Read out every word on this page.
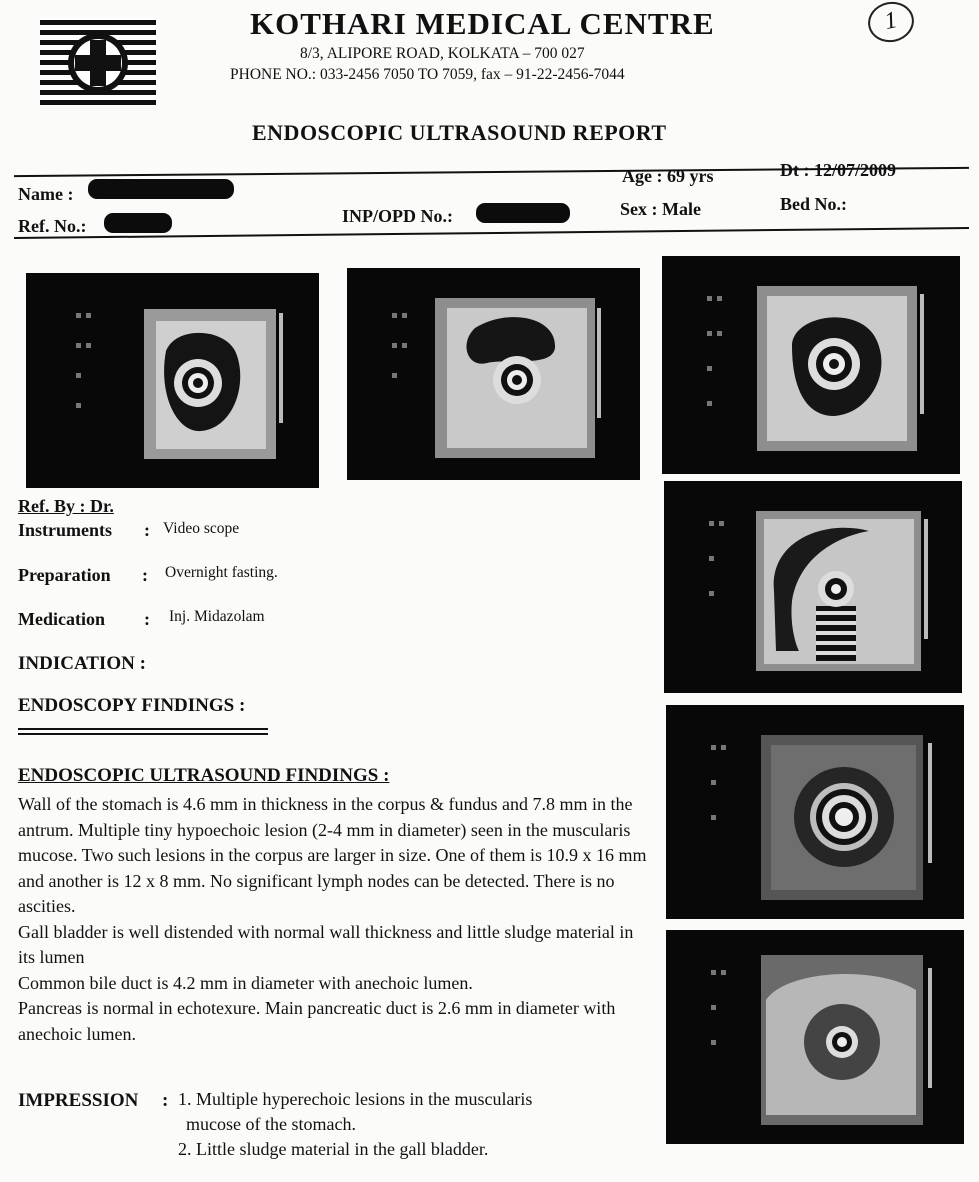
KOTHARI MEDICAL CENTRE
8/3, ALIPORE ROAD, KOLKATA – 700 027
PHONE NO.: 033-2456 7050 TO 7059, fax – 91-22-2456-7044
1
ENDOSCOPIC ULTRASOUND REPORT
Name :
Ref. No.:	INP/OPD No.:
Age : 69 yrs
Sex : Male
Dt : 12/07/2009
Bed No.:
Ref. By : Dr.
Instruments : Video scope
Preparation : Overnight fasting.
Medication : Inj. Midazolam
INDICATION :
ENDOSCOPY FINDINGS :
ENDOSCOPIC ULTRASOUND FINDINGS :

Wall of the stomach is 4.6 mm in thickness in the corpus & fundus and 7.8 mm in the antrum. Multiple tiny hypoechoic lesion (2-4 mm in diameter) seen in the muscularis mucose. Two such lesions in the corpus are larger in size. One of them is 10.9 x 16 mm and another is 12 x 8 mm. No significant lymph nodes can be detected. There is no ascities.

Gall bladder is well distended with normal wall thickness and little sludge material in its lumen

Common bile duct is 4.2 mm in diameter with anechoic lumen.

Pancreas is normal in echotexure. Main pancreatic duct is 2.6 mm in diameter with anechoic lumen.

IMPRESSION : 1. Multiple hyperechoic lesions in the muscularis
mucose of the stomach.
2. Little sludge material in the gall bladder.
